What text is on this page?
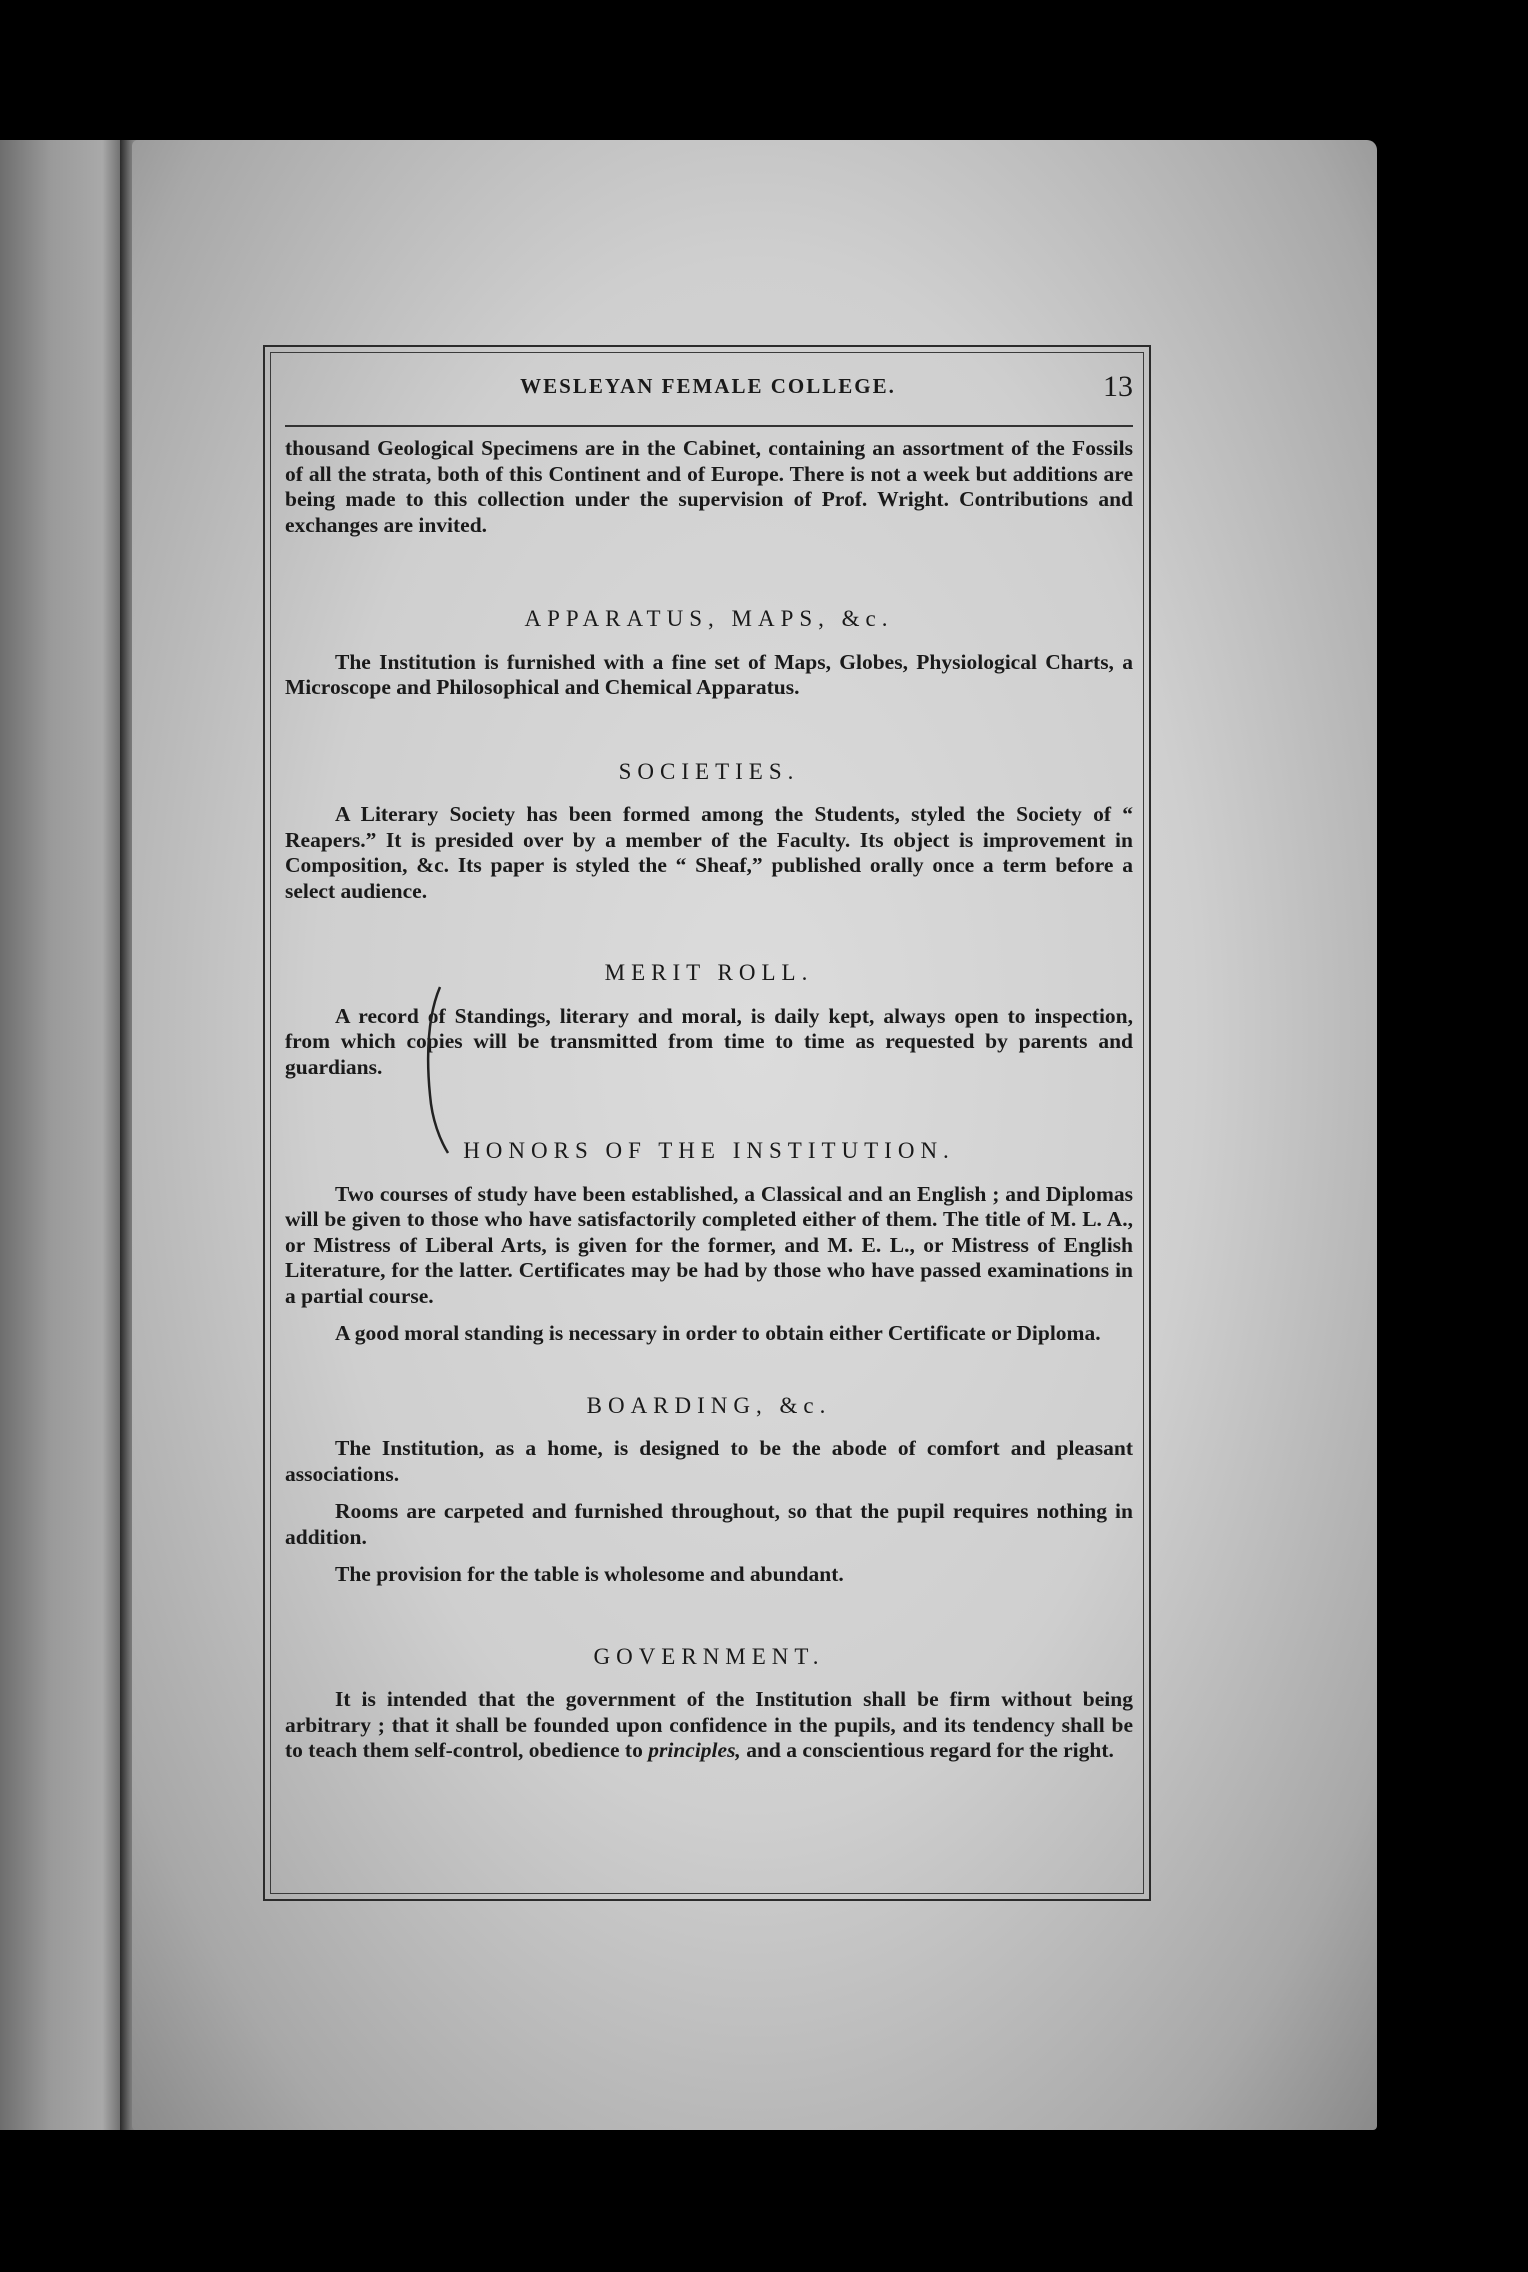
WESLEYAN FEMALE COLLEGE.	13

thousand Geological Specimens are in the Cabinet, containing an assortment of the Fossils of all the strata, both of this Continent and of Europe. There is not a week but additions are being made to this collection under the supervision of Prof. Wright. Contributions and exchanges are invited.

APPARATUS, MAPS, &c.

The Institution is furnished with a fine set of Maps, Globes, Physiological Charts, a Microscope and Philosophical and Chemical Apparatus.

SOCIETIES.

A Literary Society has been formed among the Students, styled the Society of “ Reapers.” It is presided over by a member of the Faculty. Its object is improvement in Composition, &c. Its paper is styled the “ Sheaf,” published orally once a term before a select audience.

MERIT ROLL.

A record of Standings, literary and moral, is daily kept, always open to inspection, from which copies will be transmitted from time to time as requested by parents and guardians.

HONORS OF THE INSTITUTION.

Two courses of study have been established, a Classical and an English ; and Diplomas will be given to those who have satisfactorily completed either of them. The title of M. L. A., or Mistress of Liberal Arts, is given for the former, and M. E. L., or Mistress of English Literature, for the latter. Certificates may be had by those who have passed examinations in a partial course.

A good moral standing is necessary in order to obtain either Certificate or Diploma.

BOARDING, &c.

The Institution, as a home, is designed to be the abode of comfort and pleasant associations.

Rooms are carpeted and furnished throughout, so that the pupil requires nothing in addition.

The provision for the table is wholesome and abundant.

GOVERNMENT.

It is intended that the government of the Institution shall be firm without being arbitrary ; that it shall be founded upon confidence in the pupils, and its tendency shall be to teach them self-control, obedience to principles, and a conscientious regard for the right.
